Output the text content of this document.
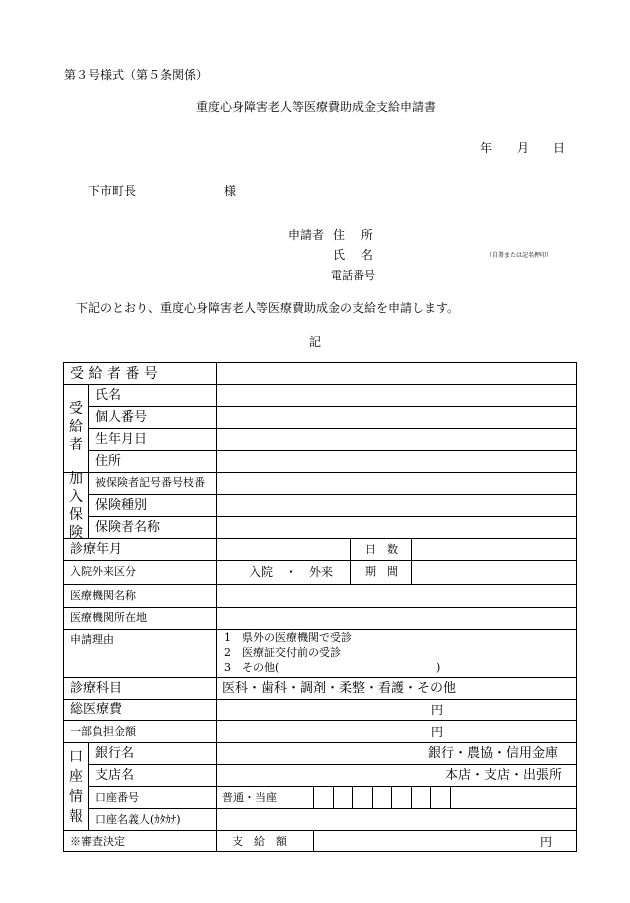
第３号様式（第５条関係）
重度心身障害老人等医療費助成金支給申請書
年 月 日
下市町長	様
申請者 住　 所
氏 　名	（自署または記名押印）
電話番号
下記のとおり、重度心身障害老人等医療費助成金の支給を申請します。
記
受 給 者 番 号
受
給
者
氏名
個人番号
生年月日
住所
加
入
保
険
被保険者記号番号枝番
保険種別
保険者名称
診療年月	日　数
入院外来区分	入院　・　外来	期　間
医療機関名称
医療機関所在地
申請理由	1　県外の医療機関で受診
2　医療証交付前の受診
3　その他(	)
診療科目	医科・歯科・調剤・柔整・看護・その他
総医療費	円
一部負担金額	円
口
座
情
報
銀行名	銀行・農協・信用金庫
支店名	本店・支店・出張所
口座番号	普通・当座
口座名義人(ｶﾀｶﾅ)
※審査決定	支　給　額	円
